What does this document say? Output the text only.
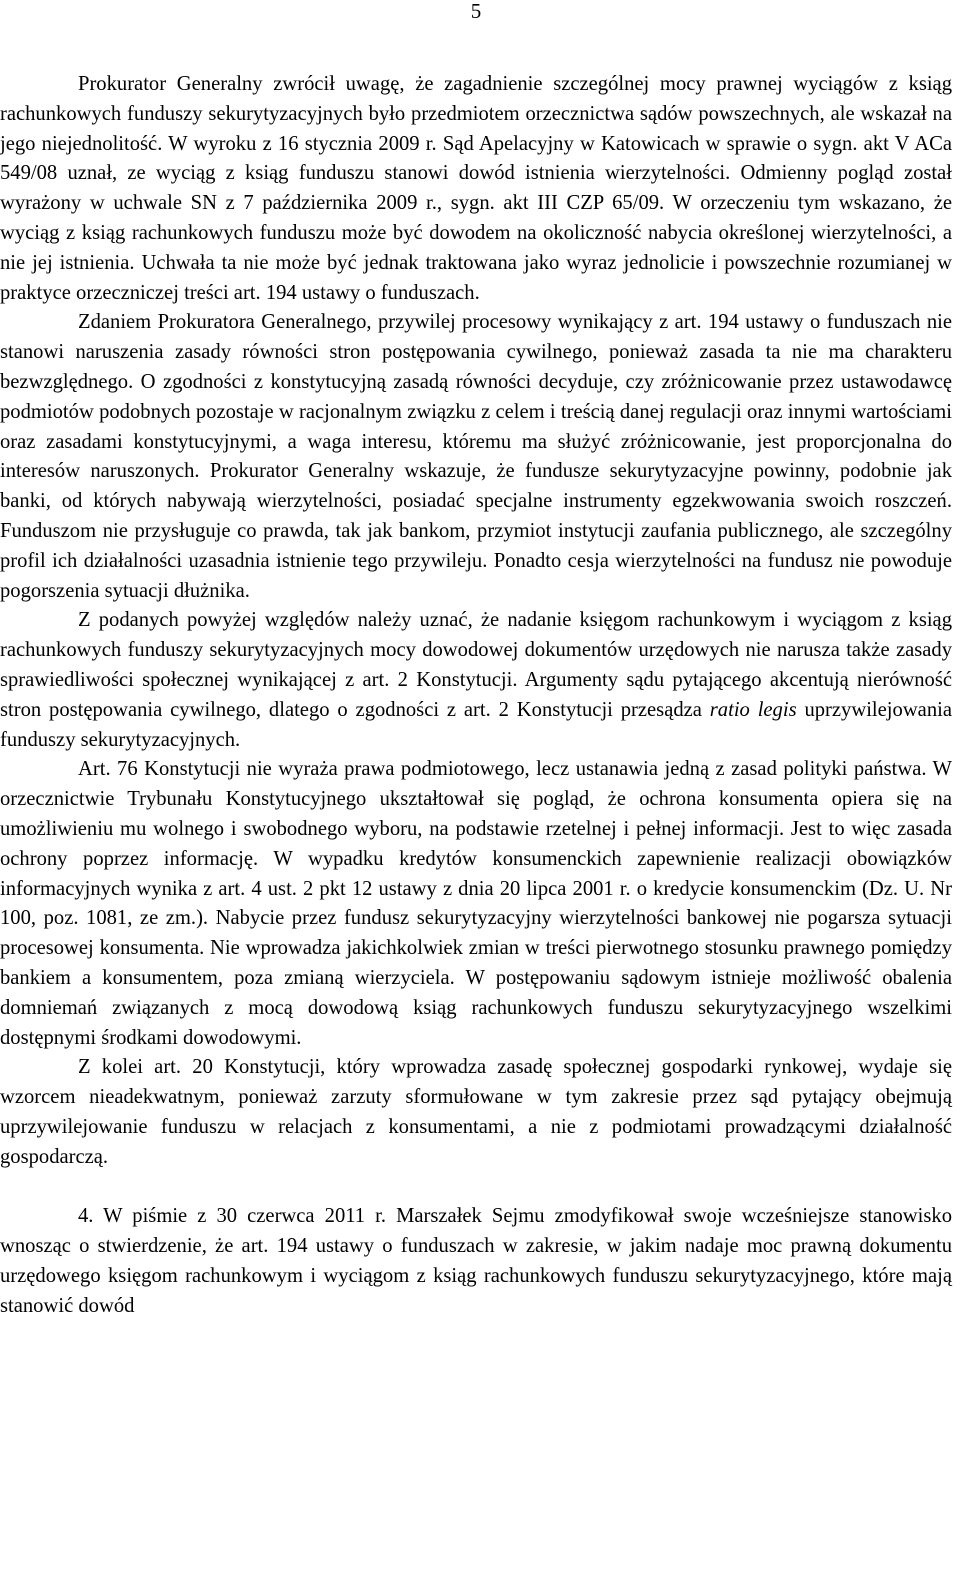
5

Prokurator Generalny zwrócił uwagę, że zagadnienie szczególnej mocy prawnej wyciągów z ksiąg rachunkowych funduszy sekurytyzacyjnych było przedmiotem orzecznictwa sądów powszechnych, ale wskazał na jego niejednolitość. W wyroku z 16 stycznia 2009 r. Sąd Apelacyjny w Katowicach w sprawie o sygn. akt V ACa 549/08 uznał, ze wyciąg z ksiąg funduszu stanowi dowód istnienia wierzytelności. Odmienny pogląd został wyrażony w uchwale SN z 7 października 2009 r., sygn. akt III CZP 65/09. W orzeczeniu tym wskazano, że wyciąg z ksiąg rachunkowych funduszu może być dowodem na okoliczność nabycia określonej wierzytelności, a nie jej istnienia. Uchwała ta nie może być jednak traktowana jako wyraz jednolicie i powszechnie rozumianej w praktyce orzeczniczej treści art. 194 ustawy o funduszach.

Zdaniem Prokuratora Generalnego, przywilej procesowy wynikający z art. 194 ustawy o funduszach nie stanowi naruszenia zasady równości stron postępowania cywilnego, ponieważ zasada ta nie ma charakteru bezwzględnego. O zgodności z konstytucyjną zasadą równości decyduje, czy zróżnicowanie przez ustawodawcę podmiotów podobnych pozostaje w racjonalnym związku z celem i treścią danej regulacji oraz innymi wartościami oraz zasadami konstytucyjnymi, a waga interesu, któremu ma służyć zróżnicowanie, jest proporcjonalna do interesów naruszonych. Prokurator Generalny wskazuje, że fundusze sekurytyzacyjne powinny, podobnie jak banki, od których nabywają wierzytelności, posiadać specjalne instrumenty egzekwowania swoich roszczeń. Funduszom nie przysługuje co prawda, tak jak bankom, przymiot instytucji zaufania publicznego, ale szczególny profil ich działalności uzasadnia istnienie tego przywileju. Ponadto cesja wierzytelności na fundusz nie powoduje pogorszenia sytuacji dłużnika.

Z podanych powyżej względów należy uznać, że nadanie księgom rachunkowym i wyciągom z ksiąg rachunkowych funduszy sekurytyzacyjnych mocy dowodowej dokumentów urzędowych nie narusza także zasady sprawiedliwości społecznej wynikającej z art. 2 Konstytucji. Argumenty sądu pytającego akcentują nierówność stron postępowania cywilnego, dlatego o zgodności z art. 2 Konstytucji przesądza ratio legis uprzywilejowania funduszy sekurytyzacyjnych.

Art. 76 Konstytucji nie wyraża prawa podmiotowego, lecz ustanawia jedną z zasad polityki państwa. W orzecznictwie Trybunału Konstytucyjnego ukształtował się pogląd, że ochrona konsumenta opiera się na umożliwieniu mu wolnego i swobodnego wyboru, na podstawie rzetelnej i pełnej informacji. Jest to więc zasada ochrony poprzez informację. W wypadku kredytów konsumenckich zapewnienie realizacji obowiązków informacyjnych wynika z art. 4 ust. 2 pkt 12 ustawy z dnia 20 lipca 2001 r. o kredycie konsumenckim (Dz. U. Nr 100, poz. 1081, ze zm.). Nabycie przez fundusz sekurytyzacyjny wierzytelności bankowej nie pogarsza sytuacji procesowej konsumenta. Nie wprowadza jakichkolwiek zmian w treści pierwotnego stosunku prawnego pomiędzy bankiem a konsumentem, poza zmianą wierzyciela. W postępowaniu sądowym istnieje możliwość obalenia domniemań związanych z mocą dowodową ksiąg rachunkowych funduszu sekurytyzacyjnego wszelkimi dostępnymi środkami dowodowymi.

Z kolei art. 20 Konstytucji, który wprowadza zasadę społecznej gospodarki rynkowej, wydaje się wzorcem nieadekwatnym, ponieważ zarzuty sformułowane w tym zakresie przez sąd pytający obejmują uprzywilejowanie funduszu w relacjach z konsumentami, a nie z podmiotami prowadzącymi działalność gospodarczą.

4. W piśmie z 30 czerwca 2011 r. Marszałek Sejmu zmodyfikował swoje wcześniejsze stanowisko wnosząc o stwierdzenie, że art. 194 ustawy o funduszach w zakresie, w jakim nadaje moc prawną dokumentu urzędowego księgom rachunkowym i wyciągom z ksiąg rachunkowych funduszu sekurytyzacyjnego, które mają stanowić dowód
